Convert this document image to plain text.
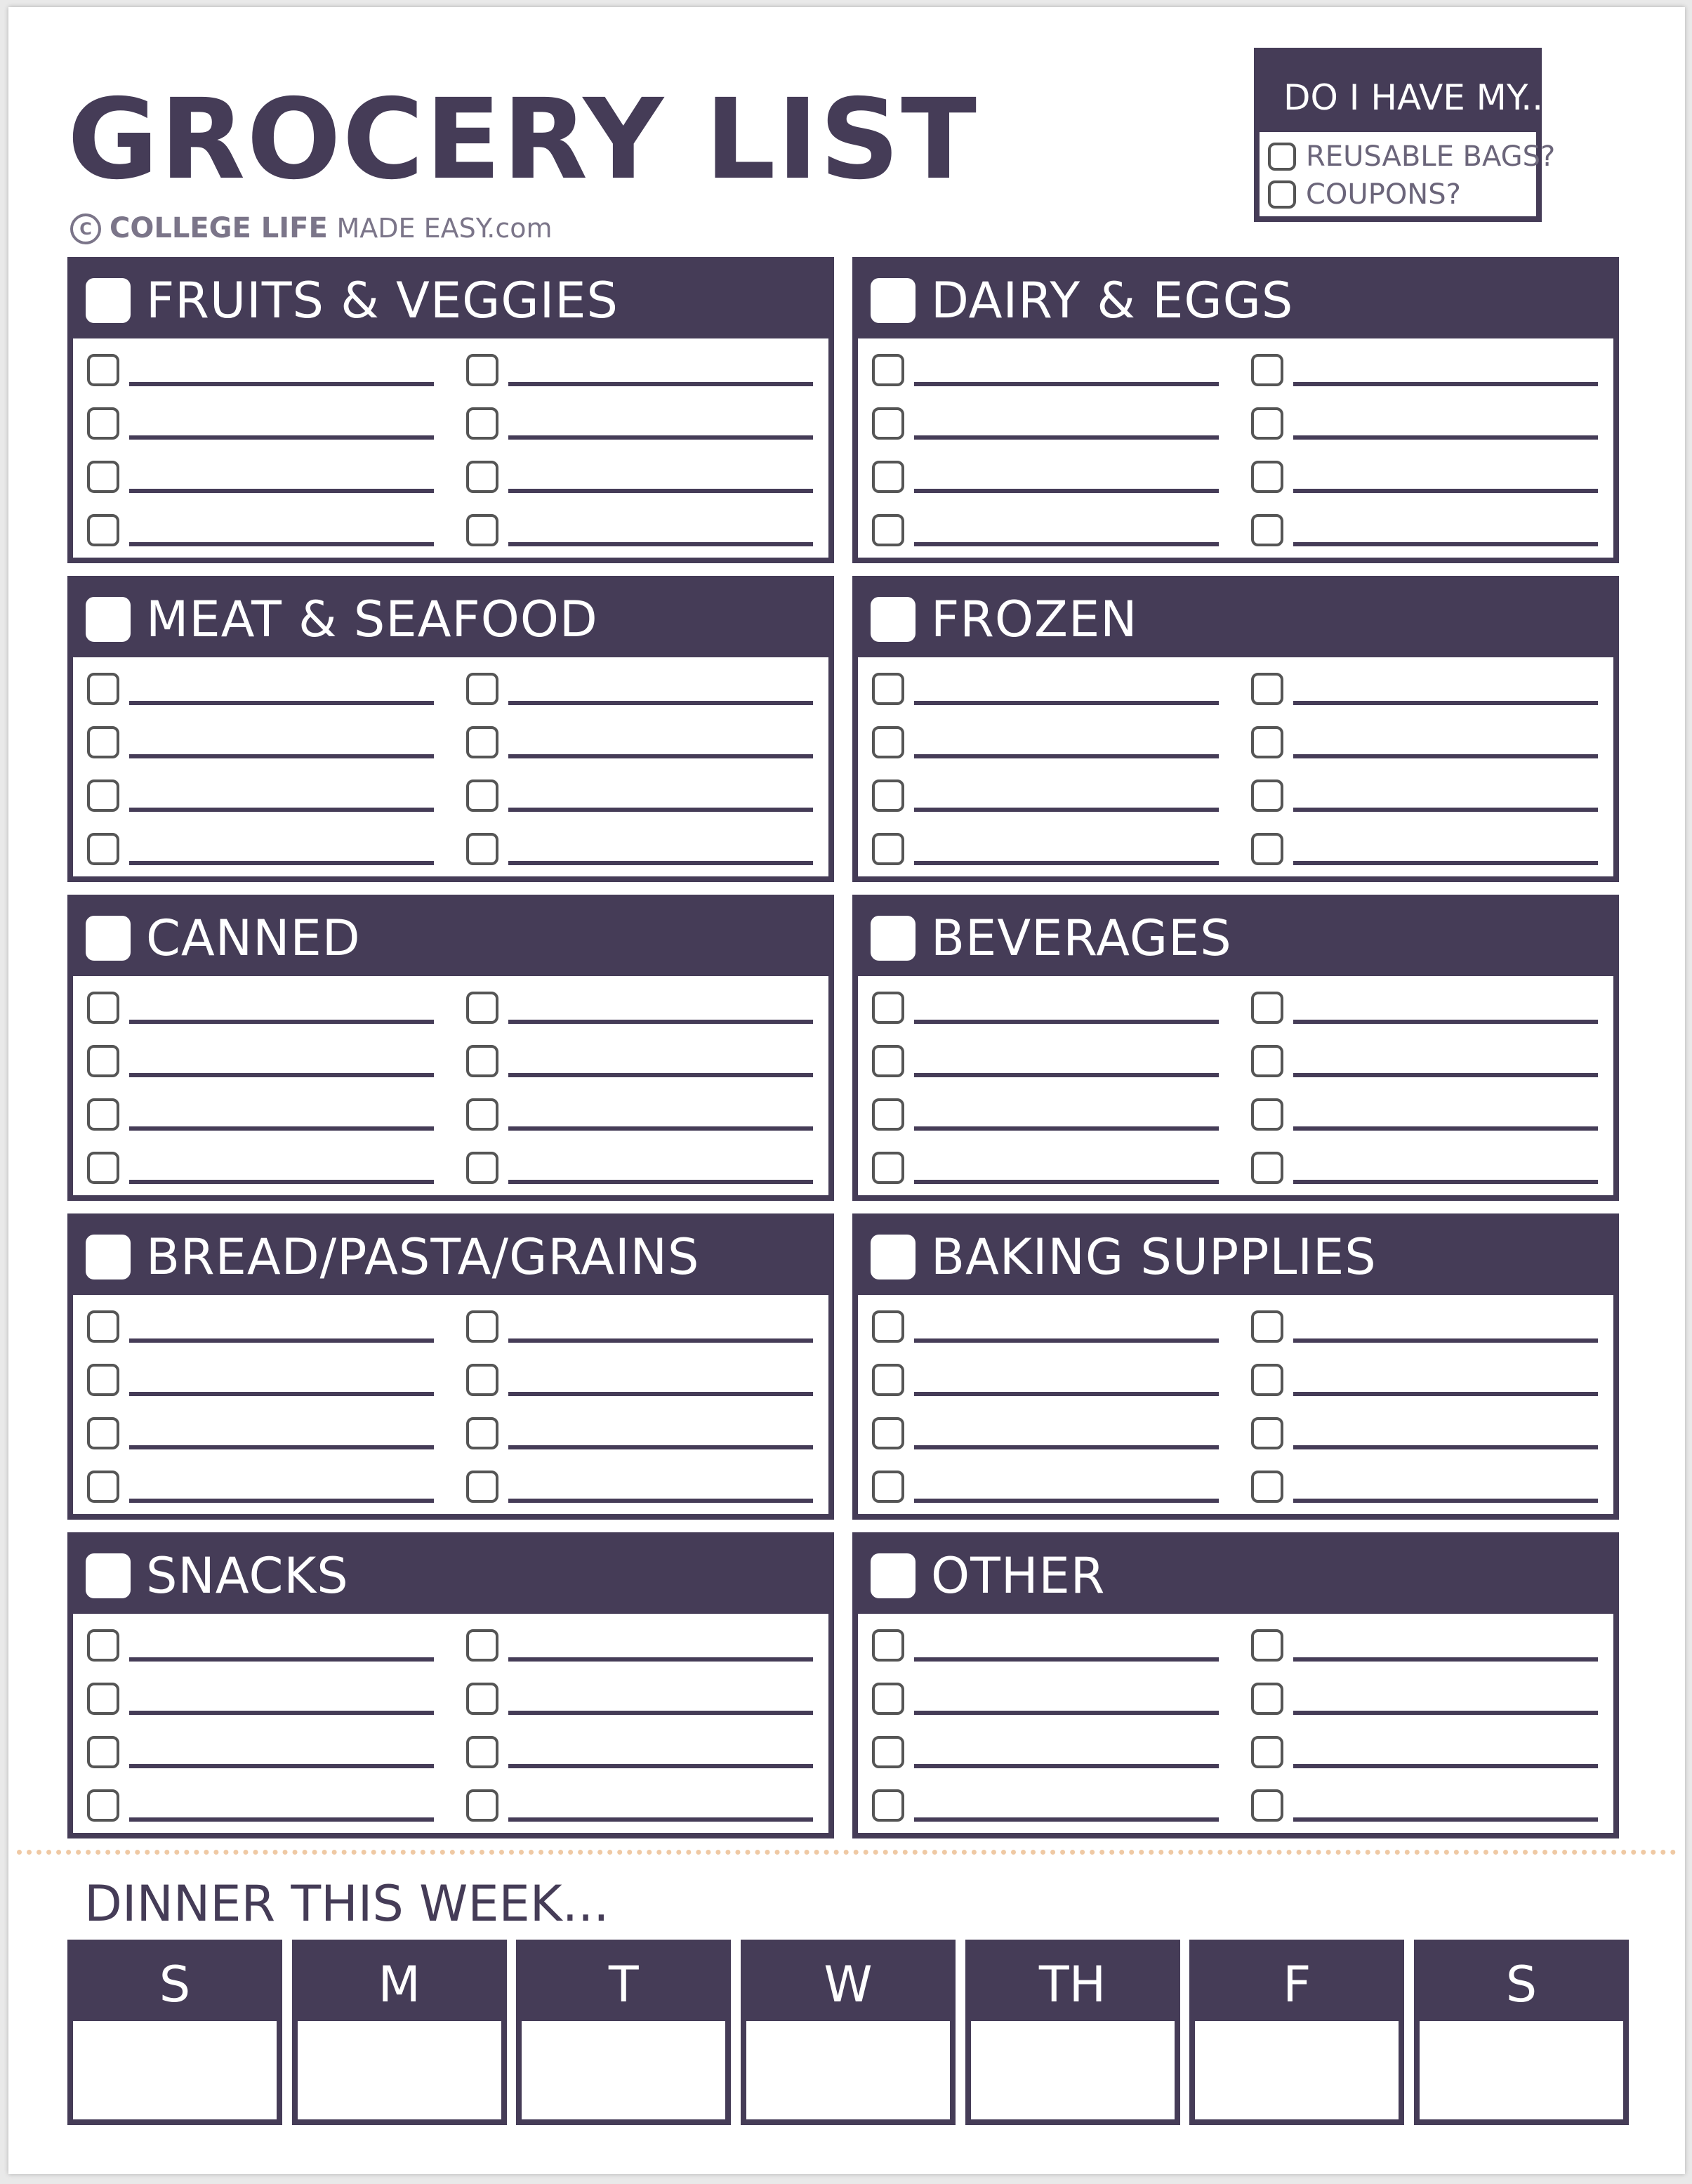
GROCERY LIST
C COLLEGE LIFE MADE EASY.com
DO I HAVE MY...
REUSABLE BAGS?
COUPONS?
FRUITS & VEGGIES	DAIRY & EGGS
MEAT & SEAFOOD	FROZEN
CANNED	BEVERAGES
BREAD/PASTA/GRAINS	BAKING SUPPLIES
SNACKS	OTHER
DINNER THIS WEEK...
S	M	T	W	TH	F	S
